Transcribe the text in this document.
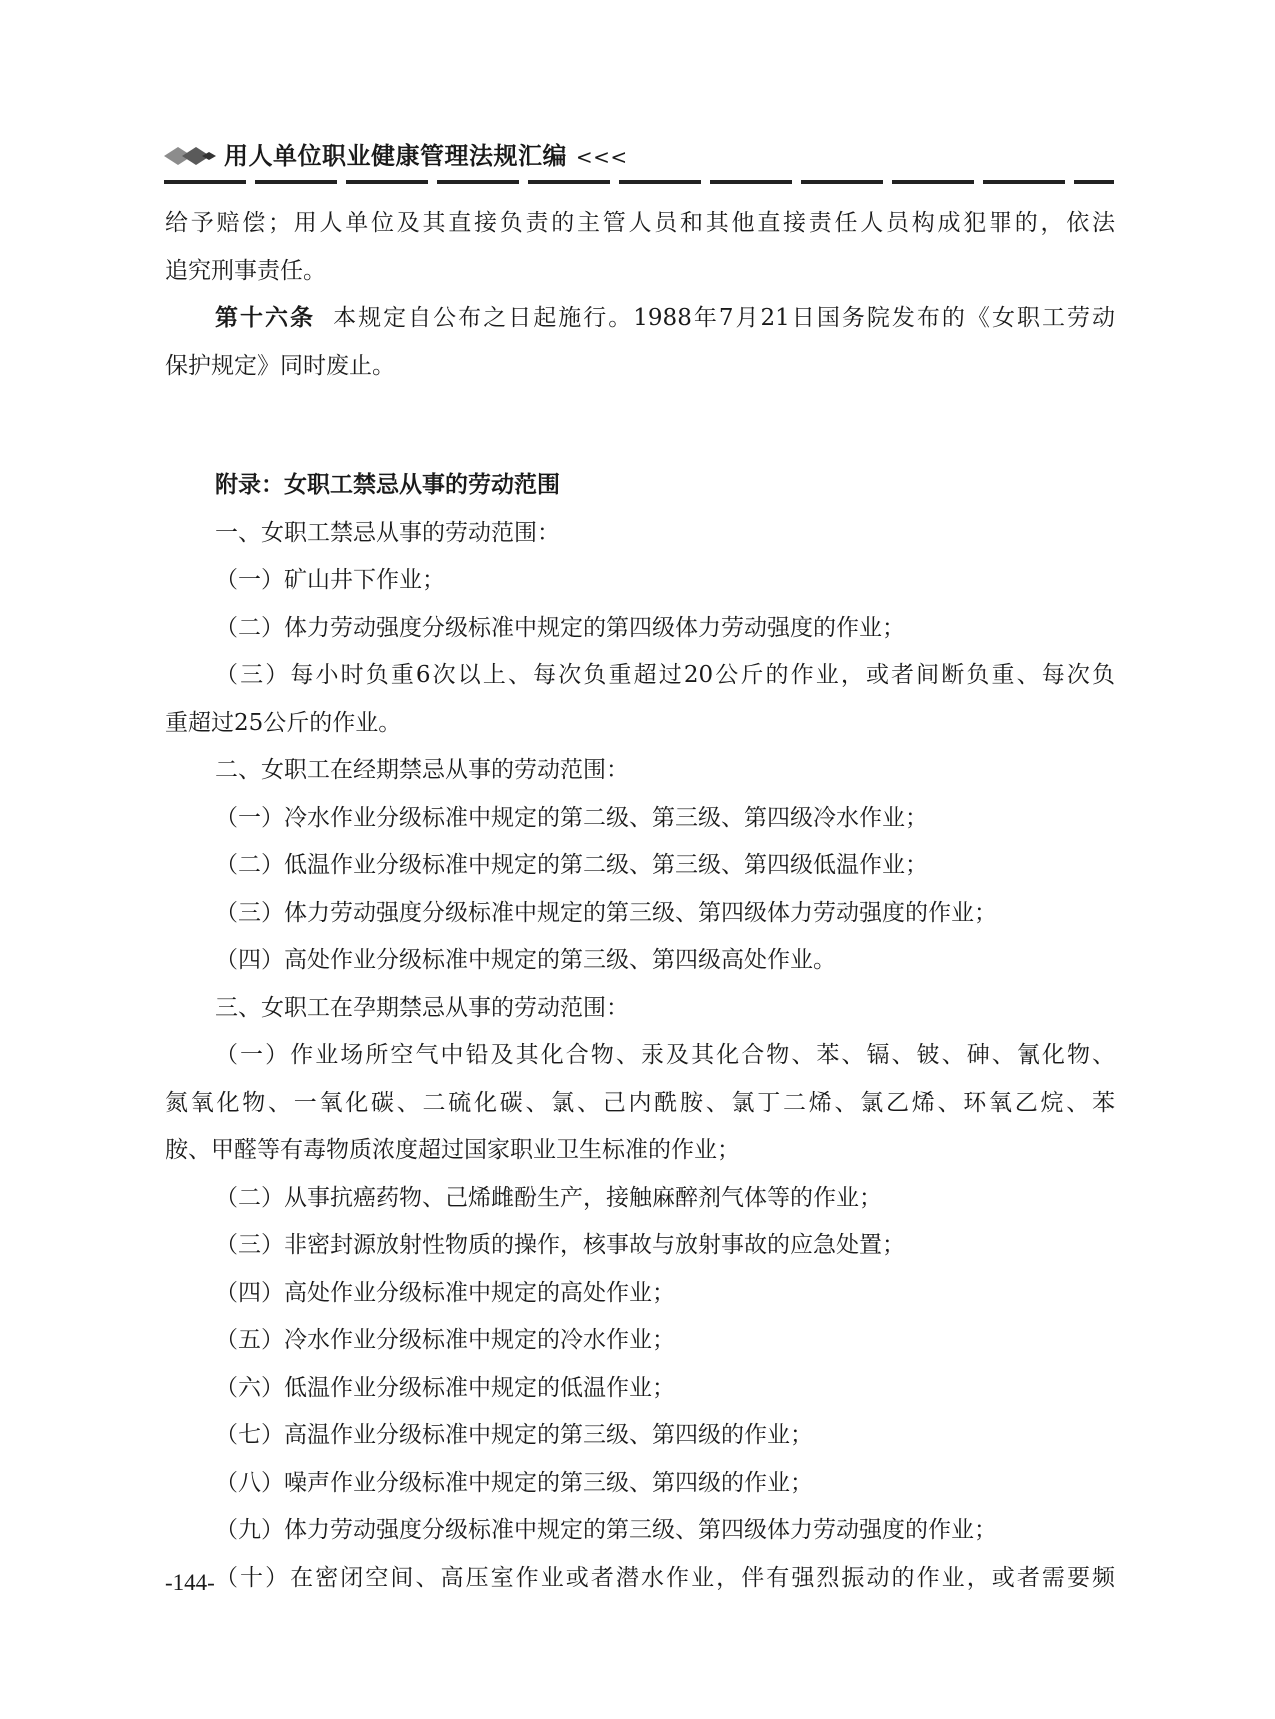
用人单位职业健康管理法规汇编 <<<
给予赔偿；用人单位及其直接负责的主管人员和其他直接责任人员构成犯罪的，依法
追究刑事责任。
第十六条 本规定自公布之日起施行。1988年7月21日国务院发布的《女职工劳动
保护规定》同时废止。
附录：女职工禁忌从事的劳动范围
一、女职工禁忌从事的劳动范围：
（一）矿山井下作业；
（二）体力劳动强度分级标准中规定的第四级体力劳动强度的作业；
（三）每小时负重6次以上、每次负重超过20公斤的作业，或者间断负重、每次负
重超过25公斤的作业。
二、女职工在经期禁忌从事的劳动范围：
（一）冷水作业分级标准中规定的第二级、第三级、第四级冷水作业；
（二）低温作业分级标准中规定的第二级、第三级、第四级低温作业；
（三）体力劳动强度分级标准中规定的第三级、第四级体力劳动强度的作业；
（四）高处作业分级标准中规定的第三级、第四级高处作业。
三、女职工在孕期禁忌从事的劳动范围：
（一）作业场所空气中铅及其化合物、汞及其化合物、苯、镉、铍、砷、氰化物、
氮氧化物、一氧化碳、二硫化碳、氯、己内酰胺、氯丁二烯、氯乙烯、环氧乙烷、苯
胺、甲醛等有毒物质浓度超过国家职业卫生标准的作业；
（二）从事抗癌药物、己烯雌酚生产，接触麻醉剂气体等的作业；
（三）非密封源放射性物质的操作，核事故与放射事故的应急处置；
（四）高处作业分级标准中规定的高处作业；
（五）冷水作业分级标准中规定的冷水作业；
（六）低温作业分级标准中规定的低温作业；
（七）高温作业分级标准中规定的第三级、第四级的作业；
（八）噪声作业分级标准中规定的第三级、第四级的作业；
（九）体力劳动强度分级标准中规定的第三级、第四级体力劳动强度的作业；
（十）在密闭空间、高压室作业或者潜水作业，伴有强烈振动的作业，或者需要频
-144-
